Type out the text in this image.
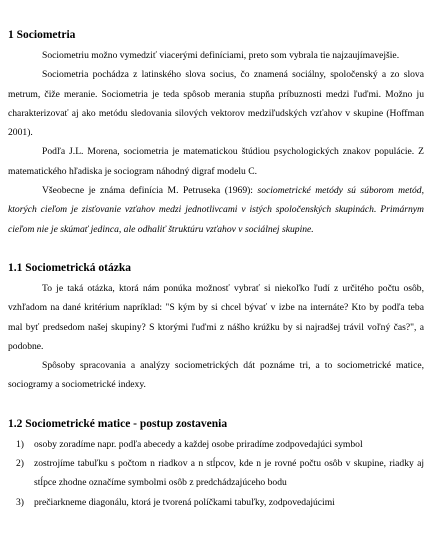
1 Sociometria

Sociometriu možno vymedziť viacerými definíciami, preto som vybrala tie najzaujímavejšie.

Sociometria pochádza z latinského slova socius, čo znamená sociálny, spoločenský a zo slova metrum, čiže meranie. Sociometria je teda spôsob merania stupňa príbuznosti medzi ľuďmi. Možno ju charakterizovať aj ako metódu sledovania silových vektorov medziľudských vzťahov v skupine (Hoffman 2001).

Podľa J.L. Morena, sociometria je matematickou štúdiou psychologických znakov populácie. Z matematického hľadiska je sociogram náhodný digraf modelu C.

Všeobecne je známa definícia M. Petruseka (1969): sociometrické metódy sú súborom metód, ktorých cieľom je zisťovanie vzťahov medzi jednotlivcami v istých spoločenských skupinách. Primárnym cieľom nie je skúmať jedinca, ale odhaliť štruktúru vzťahov v sociálnej skupine.

1.1 Sociometrická otázka

To je taká otázka, ktorá nám ponúka možnosť vybrať si niekoľko ľudí z určitého počtu osôb, vzhľadom na dané kritérium napríklad: "S kým by si chcel bývať v izbe na internáte? Kto by podľa teba mal byť predsedom našej skupiny? S ktorými ľuďmi z nášho krúžku by si najradšej trávil voľný čas?", a podobne.

Spôsoby spracovania a analýzy sociometrických dát poznáme tri, a to sociometrické matice, sociogramy a sociometrické indexy.

1.2 Sociometrické matice - postup zostavenia
1) osoby zoradíme napr. podľa abecedy a každej osobe priradíme zodpovedajúci symbol
2) zostrojíme tabuľku s počtom n riadkov a n stĺpcov, kde n je rovné počtu osôb v skupine, riadky aj stĺpce zhodne označíme symbolmi osôb z predchádzajúceho bodu
3) prečiarkneme diagonálu, ktorá je tvorená políčkami tabuľky, zodpovedajúcimi
